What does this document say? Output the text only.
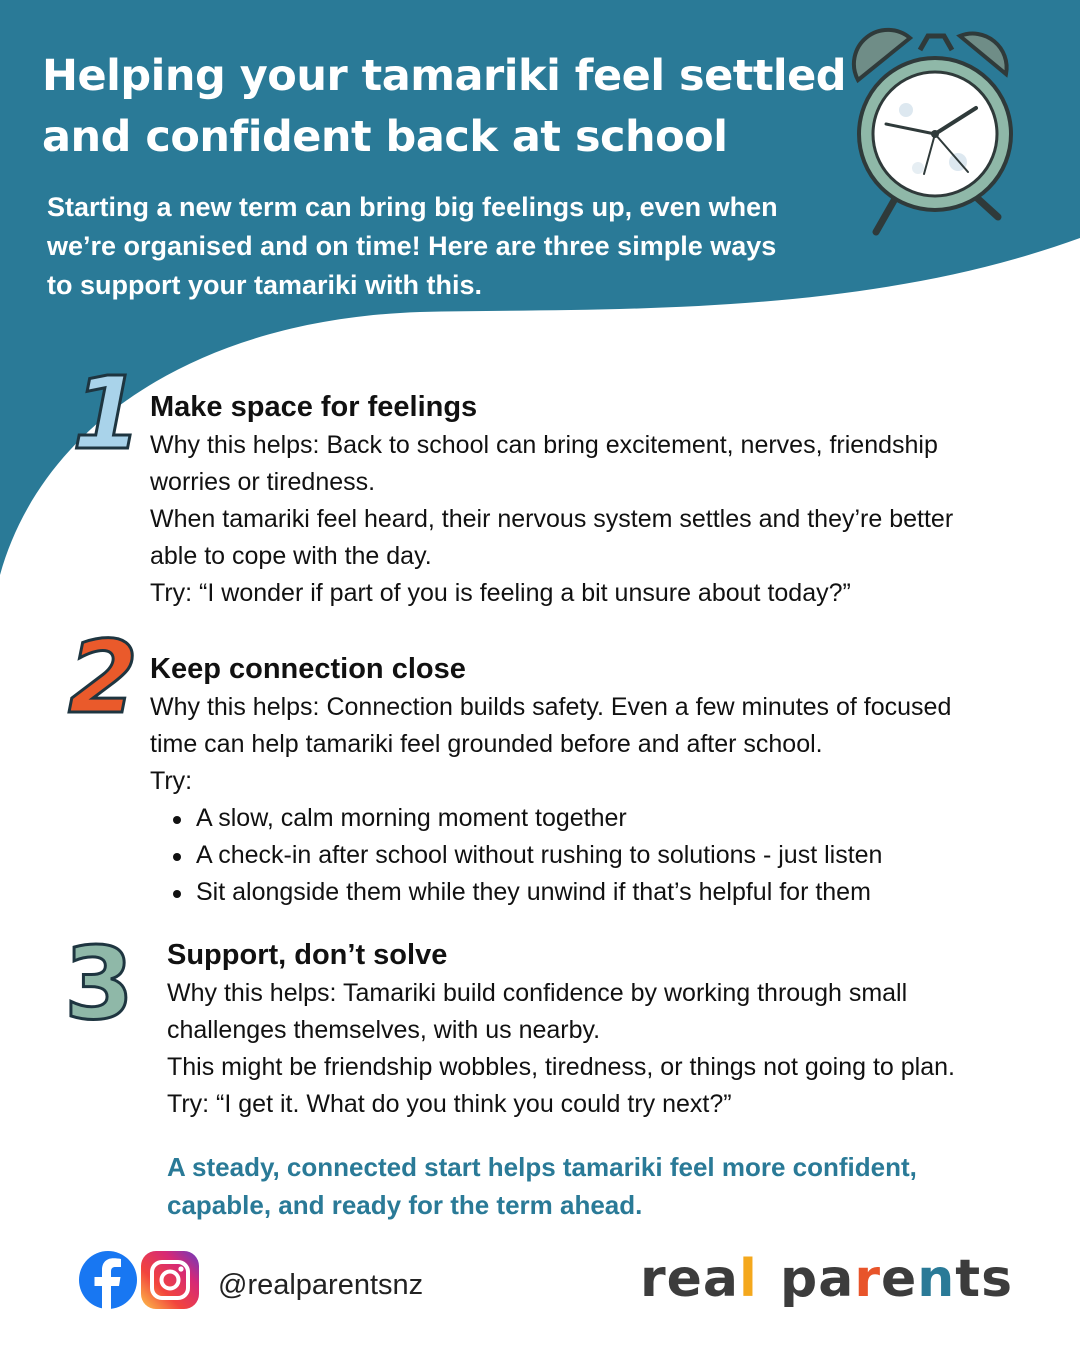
Helping your tamariki feel settled
and confident back at school
Starting a new term can bring big feelings up, even when
we’re organised and on time! Here are three simple ways
to support your tamariki with this.
1 Make space for feelings
Why this helps: Back to school can bring excitement, nerves, friendship
worries or tiredness.
When tamariki feel heard, their nervous system settles and they’re better
able to cope with the day.
Try: “I wonder if part of you is feeling a bit unsure about today?”
2 Keep connection close
Why this helps: Connection builds safety. Even a few minutes of focused
time can help tamariki feel grounded before and after school.
Try:
A slow, calm morning moment together
A check-in after school without rushing to solutions - just listen
Sit alongside them while they unwind if that’s helpful for them
3 Support, don’t solve
Why this helps: Tamariki build confidence by working through small
challenges themselves, with us nearby.
This might be friendship wobbles, tiredness, or things not going to plan.
Try: “I get it. What do you think you could try next?”
A steady, connected start helps tamariki feel more confident,
capable, and ready for the term ahead.
@realparentsnz	real parents
